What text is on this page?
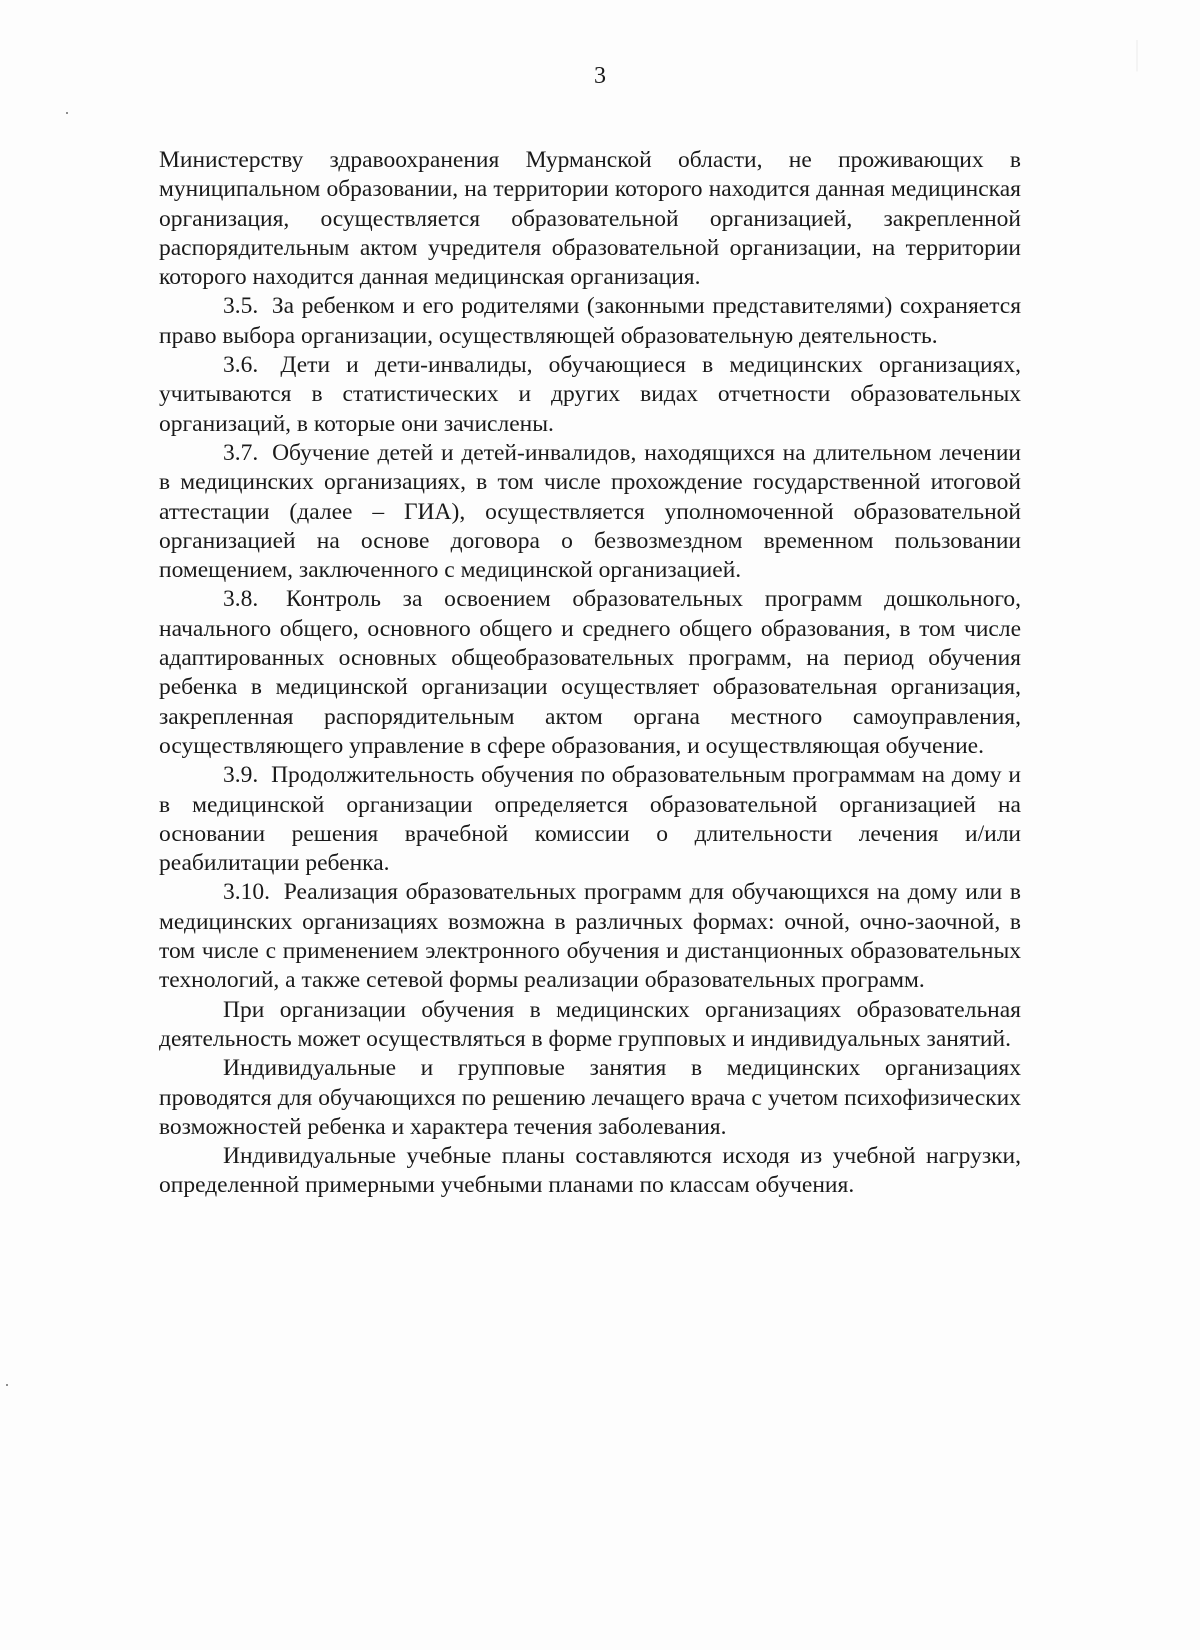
3

Министерству здравоохранения Мурманской области, не проживающих в муниципальном образовании, на территории которого находится данная медицинская организация, осуществляется образовательной организацией, закрепленной распорядительным актом учредителя образовательной организации, на территории которого находится данная медицинская организация.

3.5. За ребенком и его родителями (законными представителями) сохраняется право выбора организации, осуществляющей образовательную деятельность.

3.6. Дети и дети-инвалиды, обучающиеся в медицинских организациях, учитываются в статистических и других видах отчетности образовательных организаций, в которые они зачислены.

3.7. Обучение детей и детей-инвалидов, находящихся на длительном лечении в медицинских организациях, в том числе прохождение государственной итоговой аттестации (далее – ГИА), осуществляется уполномоченной образовательной организацией на основе договора о безвозмездном временном пользовании помещением, заключенного с медицинской организацией.

3.8. Контроль за освоением образовательных программ дошкольного, начального общего, основного общего и среднего общего образования, в том числе адаптированных основных общеобразовательных программ, на период обучения ребенка в медицинской организации осуществляет образовательная организация, закрепленная распорядительным актом органа местного самоуправления, осуществляющего управление в сфере образования, и осуществляющая обучение.

3.9. Продолжительность обучения по образовательным программам на дому и в медицинской организации определяется образовательной организацией на основании решения врачебной комиссии о длительности лечения и/или реабилитации ребенка.

3.10. Реализация образовательных программ для обучающихся на дому или в медицинских организациях возможна в различных формах: очной, очно-заочной, в том числе с применением электронного обучения и дистанционных образовательных технологий, а также сетевой формы реализации образовательных программ.

При организации обучения в медицинских организациях образовательная деятельность может осуществляться в форме групповых и индивидуальных занятий.

Индивидуальные и групповые занятия в медицинских организациях проводятся для обучающихся по решению лечащего врача с учетом психофизических возможностей ребенка и характера течения заболевания.

Индивидуальные учебные планы составляются исходя из учебной нагрузки, определенной примерными учебными планами по классам обучения.
